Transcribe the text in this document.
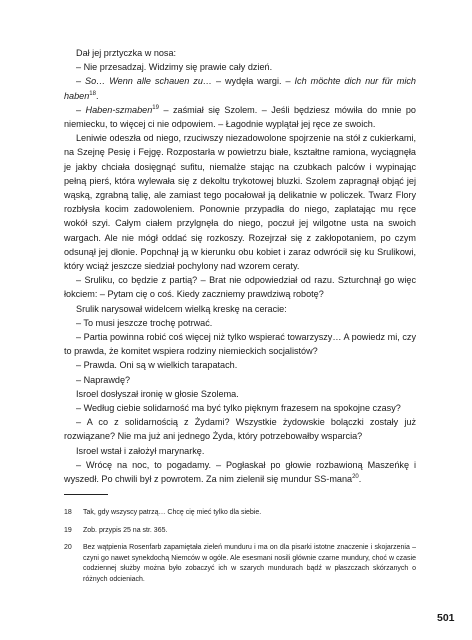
Dał jej prztyczka w nosa:

– Nie przesadzaj. Widzimy się prawie cały dzień.

– So… Wenn alle schauen zu… – wydęła wargi. – Ich möchte dich nur für mich haben$^{18}$.

– Haben-szmaben$^{19}$ – zaśmiał się Szolem. – Jeśli będziesz mówiła do mnie po niemiecku, to więcej ci nie odpowiem. – Łagodnie wyplątał jej ręce ze swoich.

Leniwie odeszła od niego, rzuciwszy niezadowolone spojrzenie na stół z cukierkami, na Szejnę Pesię i Fejgę. Rozpostarła w powietrzu białe, kształtne ramiona, wyciągnęła je jakby chciała dosięgnąć sufitu, niemalże stając na czubkach palców i wypinając pełną pierś, która wylewała się z dekoltu trykotowej bluzki. Szolem zapragnął objąć jej wąską, zgrabną talię, ale zamiast tego pocałował ją delikatnie w policzek. Twarz Flory rozbłysła kocim zadowoleniem. Ponownie przypadła do niego, zaplatając mu ręce wokół szyi. Całym ciałem przylgnęła do niego, poczuł jej wilgotne usta na swoich wargach. Ale nie mógł oddać się rozkoszy. Rozejrzał się z zakłopotaniem, po czym odsunął jej dłonie. Popchnął ją w kierunku obu kobiet i zaraz odwrócił się ku Srulikowi, który wciąż jeszcze siedział pochylony nad wzorem ceraty.

– Sruliku, co będzie z partią? – Brat nie odpowiedział od razu. Szturchnął go więc łokciem: – Pytam cię o coś. Kiedy zaczniemy prawdziwą robotę?

Srulik narysował widelcem wielką kreskę na ceracie:

– To musi jeszcze trochę potrwać.

– Partia powinna robić coś więcej niż tylko wspierać towarzyszy… A powiedz mi, czy to prawda, że komitet wspiera rodziny niemieckich socjalistów?

– Prawda. Oni są w wielkich tarapatach.

– Naprawdę?

Isroel dosłyszał ironię w głosie Szolema.

– Według ciebie solidarność ma być tylko pięknym frazesem na spokojne czasy?

– A co z solidarnością z Żydami? Wszystkie żydowskie bolączki zostały już rozwiązane? Nie ma już ani jednego Żyda, który potrzebowałby wsparcia?

Isroel wstał i założył marynarkę.

– Wrócę na noc, to pogadamy. – Pogłaskał po głowie rozbawioną Maszeńkę i wyszedł. Po chwili był z powrotem. Za nim zielenił się mundur SS-mana$^{20}$.

18	Tak, gdy wszyscy patrzą… Chcę cię mieć tylko dla siebie.
19	Zob. przypis 25 na str. 365.
20	Bez wątpienia Rosenfarb zapamiętała zieleń munduru i ma on dla pisarki istotne znaczenie i skojarzenia – czyni go nawet synekdochą Niemców w ogóle. Ale esesmani nosili głównie czarne mundury, choć w czasie codziennej służby można było zobaczyć ich w szarych mundurach bądź w płaszczach skórzanych o różnych odcieniach.
501
